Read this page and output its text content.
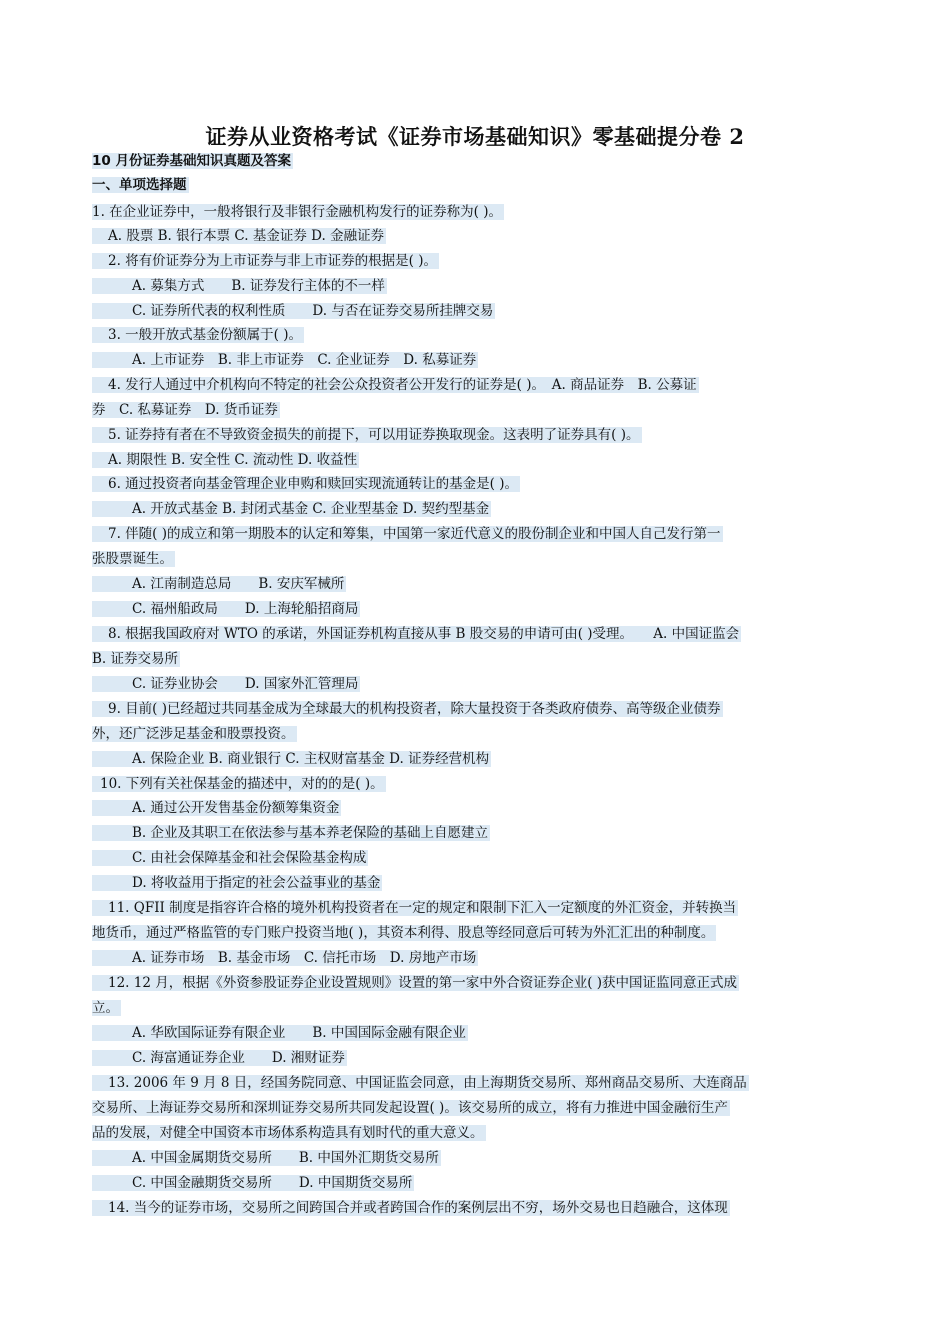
证券从业资格考试《证券市场基础知识》零基础提分卷 2
10 月份证券基础知识真题及答案
一、单项选择题
1. 在企业证券中，一般将银行及非银行金融机构发行的证券称为( )。
A. 股票 B. 银行本票 C. 基金证券 D. 金融证券
2. 将有价证券分为上市证券与非上市证券的根据是( )。
A. 募集方式　　B. 证券发行主体的不一样
C. 证券所代表的权利性质　　D. 与否在证券交易所挂牌交易
3. 一般开放式基金份额属于( )。
A. 上市证券　B. 非上市证券　C. 企业证券　D. 私募证券
4. 发行人通过中介机构向不特定的社会公众投资者公开发行的证券是( )。　A. 商品证券　B. 公募证
券　C. 私募证券　D. 货币证券
5. 证券持有者在不导致资金损失的前提下，可以用证券换取现金。这表明了证券具有( )。
A. 期限性 B. 安全性 C. 流动性 D. 收益性
6. 通过投资者向基金管理企业申购和赎回实现流通转让的基金是( )。
A. 开放式基金 B. 封闭式基金 C. 企业型基金 D. 契约型基金
7. 伴随( )的成立和第一期股本的认定和筹集，中国第一家近代意义的股份制企业和中国人自己发行第一
张股票诞生。
A. 江南制造总局　　B. 安庆军械所
C. 福州船政局　　D. 上海轮船招商局
8. 根据我国政府对 WTO 的承诺，外国证券机构直接从事 B 股交易的申请可由( )受理。　　A. 中国证监会
B. 证券交易所
C. 证券业协会　　D. 国家外汇管理局
9. 目前( )已经超过共同基金成为全球最大的机构投资者，除大量投资于各类政府债券、高等级企业债券
外，还广泛涉足基金和股票投资。
A. 保险企业 B. 商业银行 C. 主权财富基金 D. 证券经营机构
10. 下列有关社保基金的描述中，对的的是( )。
A. 通过公开发售基金份额筹集资金
B. 企业及其职工在依法参与基本养老保险的基础上自愿建立
C. 由社会保障基金和社会保险基金构成
D. 将收益用于指定的社会公益事业的基金
11. QFII 制度是指容许合格的境外机构投资者在一定的规定和限制下汇入一定额度的外汇资金，并转换当
地货币，通过严格监管的专门账户投资当地( )，其资本利得、股息等经同意后可转为外汇汇出的种制度。
A. 证券市场　B. 基金市场　C. 信托市场　D. 房地产市场
12. 12 月，根据《外资参股证券企业设置规则》设置的第一家中外合资证券企业( )获中国证监同意正式成
立。
A. 华欧国际证券有限企业　　B. 中国国际金融有限企业
C. 海富通证券企业　　D. 湘财证券
13. 2006 年 9 月 8 日，经国务院同意、中国证监会同意，由上海期货交易所、郑州商品交易所、大连商品
交易所、上海证券交易所和深圳证券交易所共同发起设置( )。该交易所的成立，将有力推进中国金融衍生产
品的发展，对健全中国资本市场体系构造具有划时代的重大意义。
A. 中国金属期货交易所　　B. 中国外汇期货交易所
C. 中国金融期货交易所　　D. 中国期货交易所
14. 当今的证券市场，交易所之间跨国合并或者跨国合作的案例层出不穷，场外交易也日趋融合，这体现
